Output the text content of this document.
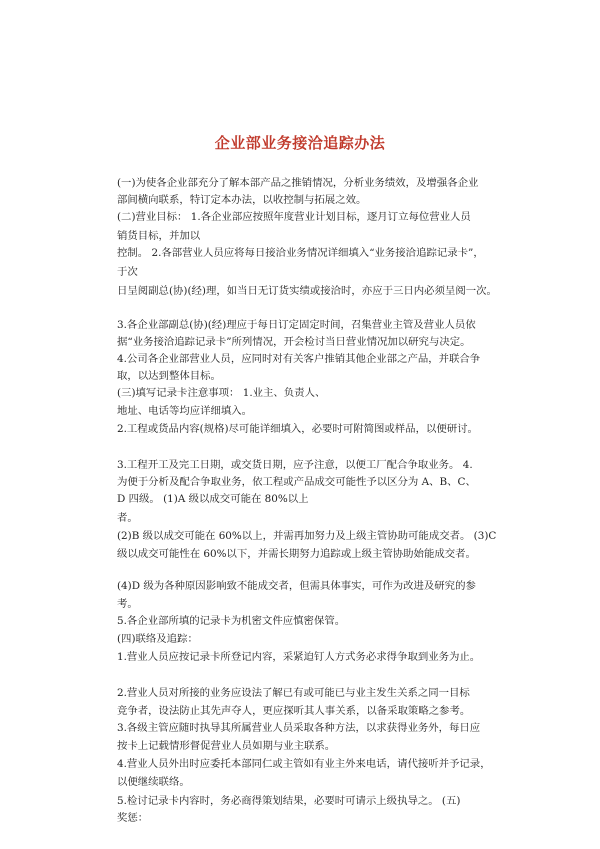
企业部业务接洽追踪办法
(一)为使各企业部充分了解本部产品之推销情况，分析业务绩效，及增强各企业
部间横向联系，特订定本办法，以收控制与拓展之效。
(二)营业目标： 1.各企业部应按照年度营业计划目标，逐月订立每位营业人员
销货目标，并加以
控制。 2.各部营业人员应将每日接洽业务情况详细填入“业务接洽追踪记录卡”，
于次
日呈阅副总(协)(经)理，如当日无订货实绩或接洽时，亦应于三日内必须呈阅一次。
3.各企业部副总(协)(经)理应于每日订定固定时间，召集营业主管及营业人员依
据“业务接洽追踪记录卡”所列情况，开会检讨当日营业情况加以研究与决定。
4.公司各企业部营业人员，应同时对有关客户推销其他企业部之产品，并联合争
取，以达到整体目标。
(三)填写记录卡注意事项： 1.业主、负责人、
地址、电话等均应详细填入。
2.工程或货品内容(规格)尽可能详细填入，必要时可附简图或样品，以便研讨。
3.工程开工及完工日期，或交货日期，应予注意，以便工厂配合争取业务。 4.
为便于分析及配合争取业务，依工程或产品成交可能性予以区分为 A、B、C、
D 四级。 (1)A 级以成交可能在 80%以上
者。
(2)B 级以成交可能在 60%以上，并需再加努力及上级主管协助可能成交者。 (3)C
级以成交可能性在 60%以下，并需长期努力追踪或上级主管协助始能成交者。
(4)D 级为各种原因影响致不能成交者，但需具体事实，可作为改进及研究的参
考。
5.各企业部所填的记录卡为机密文件应慎密保管。
(四)联络及追踪：
1.营业人员应按记录卡所登记内容，采紧迫钉人方式务必求得争取到业务为止。
2.营业人员对所接的业务应设法了解已有或可能已与业主发生关系之同一目标
竞争者，设法防止其先声夺人，更应探听其人事关系，以备采取策略之参考。
3.各级主管应随时执导其所属营业人员采取各种方法，以求获得业务外，每日应
按卡上记载情形督促营业人员如期与业主联系。
4.营业人员外出时应委托本部同仁或主管如有业主外来电话，请代接听并予记录，
以便继续联络。
5.检讨记录卡内容时，务必商得策划结果，必要时可请示上级执导之。 (五)
奖惩：
